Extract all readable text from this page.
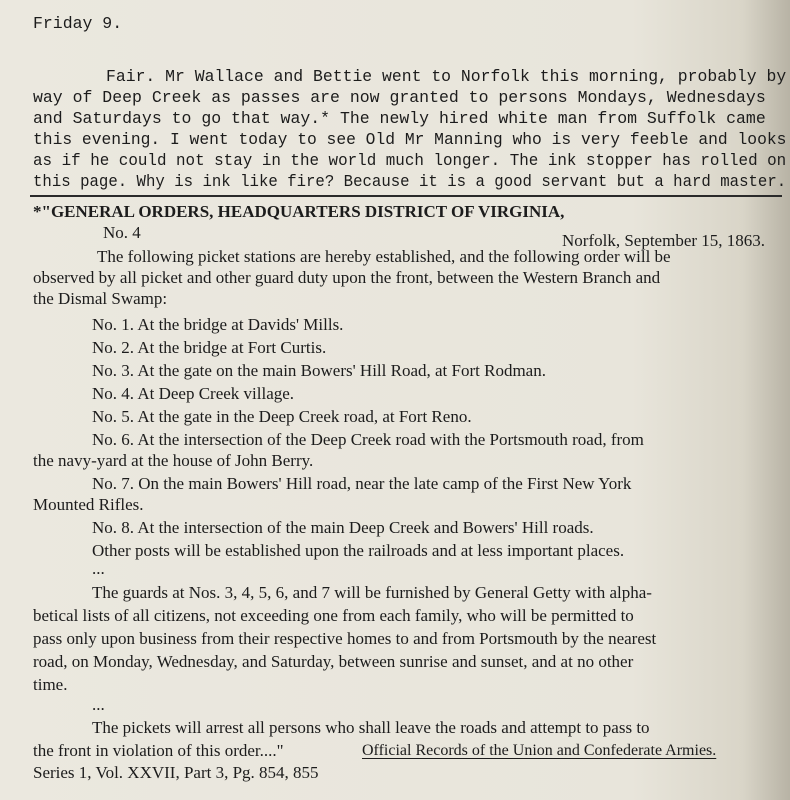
Friday 9.
Fair. Mr Wallace and Bettie went to Norfolk this morning, probably by
way of Deep Creek as passes are now granted to persons Mondays, Wednesdays
and Saturdays to go that way.* The newly hired white man from Suffolk came
this evening. I went today to see Old Mr Manning who is very feeble and looks
as if he could not stay in the world much longer. The ink stopper has rolled on
this page. Why is ink like fire? Because it is a good servant but a hard master.
*"GENERAL ORDERS, HEADQUARTERS DISTRICT OF VIRGINIA,
No. 4	Norfolk, September 15, 1863.
The following picket stations are hereby established, and the following order will be
observed by all picket and other guard duty upon the front, between the Western Branch and
the Dismal Swamp:
No. 1. At the bridge at Davids' Mills.
No. 2. At the bridge at Fort Curtis.
No. 3. At the gate on the main Bowers' Hill Road, at Fort Rodman.
No. 4. At Deep Creek village.
No. 5. At the gate in the Deep Creek road, at Fort Reno.
No. 6. At the intersection of the Deep Creek road with the Portsmouth road, from
the navy-yard at the house of John Berry.
No. 7. On the main Bowers' Hill road, near the late camp of the First New York
Mounted Rifles.
No. 8. At the intersection of the main Deep Creek and Bowers' Hill roads.
Other posts will be established upon the railroads and at less important places.
...
The guards at Nos. 3, 4, 5, 6, and 7 will be furnished by General Getty with alpha-
betical lists of all citizens, not exceeding one from each family, who will be permitted to
pass only upon business from their respective homes to and from Portsmouth by the nearest
road, on Monday, Wednesday, and Saturday, between sunrise and sunset, and at no other
time.
...
The pickets will arrest all persons who shall leave the roads and attempt to pass to
the front in violation of this order...."	Official Records of the Union and Confederate Armies.
Series 1, Vol. XXVII, Part 3, Pg. 854, 855
